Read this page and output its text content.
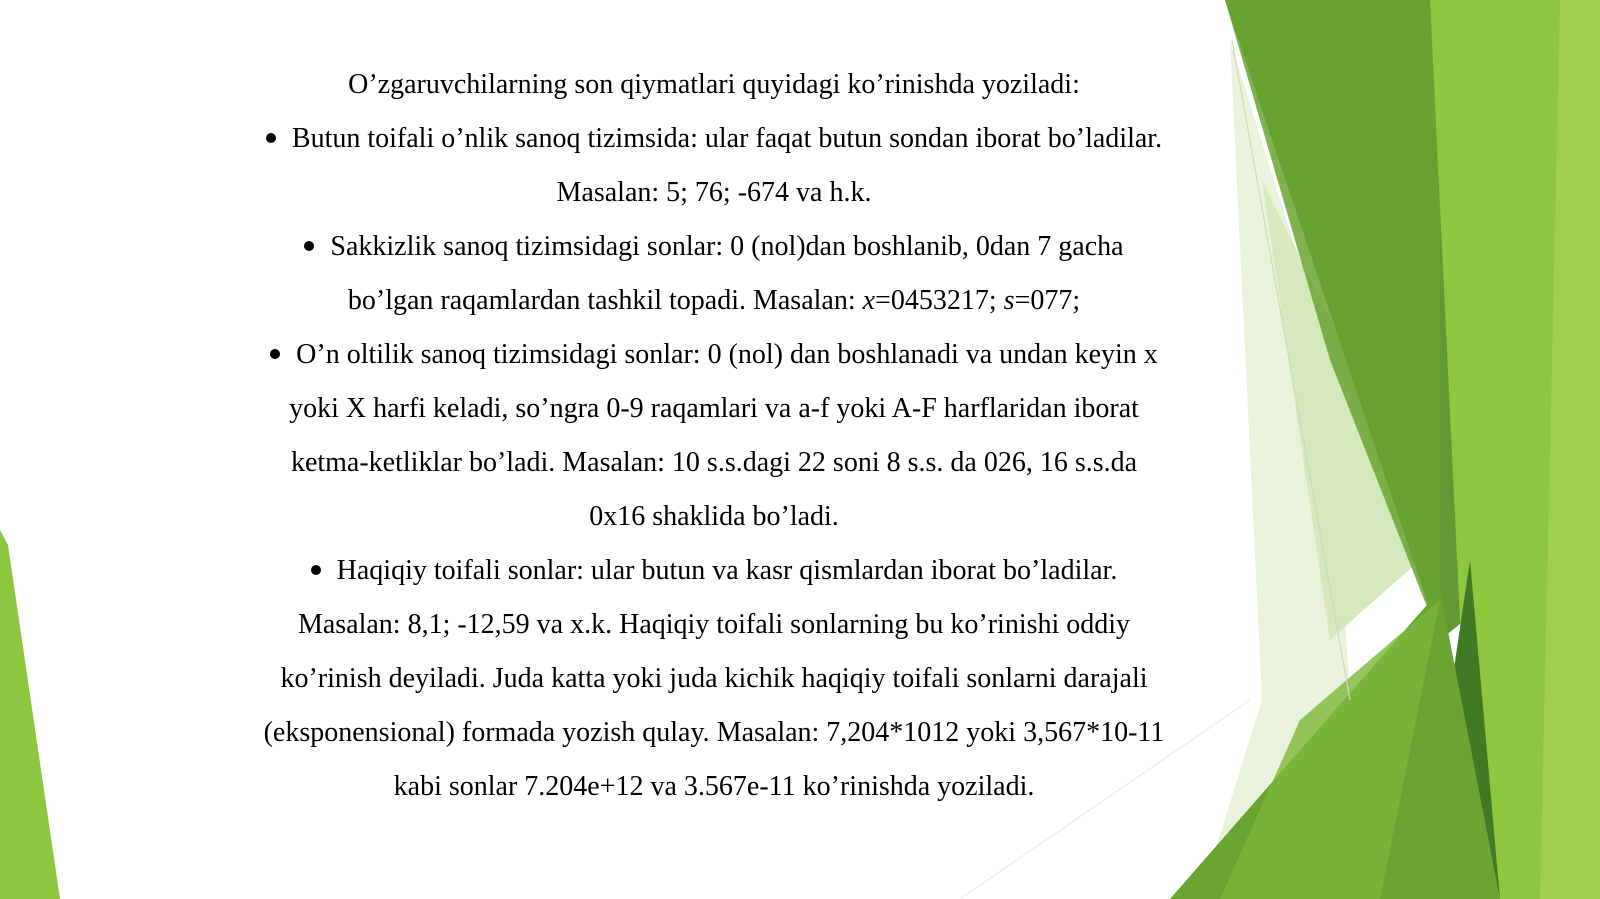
O’zgaruvchilarning son qiymatlari quyidagi ko’rinishda yoziladi:

Butun toifali o’nlik sanoq tizimsida: ular faqat butun sondan iborat bo’ladilar. Masalan: 5; 76; -674 va h.k.

Sakkizlik sanoq tizimsidagi sonlar: 0 (nol)dan boshlanib, 0dan 7 gacha bo’lgan raqamlardan tashkil topadi. Masalan: x=0453217; s=077;

O’n oltilik sanoq tizimsidagi sonlar: 0 (nol) dan boshlanadi va undan keyin x yoki X harfi keladi, so’ngra 0-9 raqamlari va a-f yoki A-F harflaridan iborat ketma-ketliklar bo’ladi. Masalan: 10 s.s.dagi 22 soni 8 s.s. da 026, 16 s.s.da 0x16 shaklida bo’ladi.

Haqiqiy toifali sonlar: ular butun va kasr qismlardan iborat bo’ladilar. Masalan: 8,1; -12,59 va x.k. Haqiqiy toifali sonlarning bu ko’rinishi oddiy ko’rinish deyiladi. Juda katta yoki juda kichik haqiqiy toifali sonlarni darajali (eksponensional) formada yozish qulay. Masalan: 7,204*1012 yoki 3,567*10-11 kabi sonlar 7.204e+12 va 3.567e-11 ko’rinishda yoziladi.
